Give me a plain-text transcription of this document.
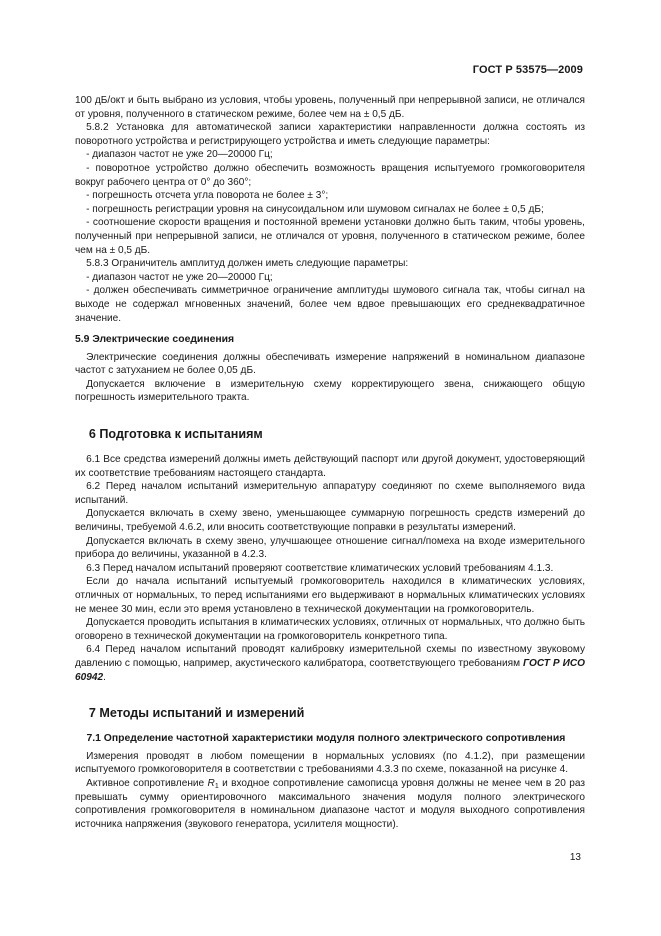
ГОСТ Р 53575—2009

100 дБ/окт и быть выбрано из условия, чтобы уровень, полученный при непрерывной записи, не отличался от уровня, полученного в статическом режиме, более чем на ± 0,5 дБ.

5.8.2 Установка для автоматической записи характеристики направленности должна состоять из поворотного устройства и регистрирующего устройства и иметь следующие параметры:

- диапазон частот не уже 20—20000 Гц;

- поворотное устройство должно обеспечить возможность вращения испытуемого громкоговорителя вокруг рабочего центра от 0° до 360°;

- погрешность отсчета угла поворота не более ± 3°;

- погрешность регистрации уровня на синусоидальном или шумовом сигналах не более ± 0,5 дБ;

- соотношение скорости вращения и постоянной времени установки должно быть таким, чтобы уровень, полученный при непрерывной записи, не отличался от уровня, полученного в статическом режиме, более чем на ± 0,5 дБ.

5.8.3 Ограничитель амплитуд должен иметь следующие параметры:

- диапазон частот не уже 20—20000 Гц;

- должен обеспечивать симметричное ограничение амплитуды шумового сигнала так, чтобы сигнал на выходе не содержал мгновенных значений, более чем вдвое превышающих его среднеквадратичное значение.

5.9 Электрические соединения

Электрические соединения должны обеспечивать измерение напряжений в номинальном диапазоне частот с затуханием не более 0,05 дБ.

Допускается включение в измерительную схему корректирующего звена, снижающего общую погрешность измерительного тракта.

6 Подготовка к испытаниям

6.1 Все средства измерений должны иметь действующий паспорт или другой документ, удостоверяющий их соответствие требованиям настоящего стандарта.

6.2 Перед началом испытаний измерительную аппаратуру соединяют по схеме выполняемого вида испытаний.

Допускается включать в схему звено, уменьшающее суммарную погрешность средств измерений до величины, требуемой 4.6.2, или вносить соответствующие поправки в результаты измерений.

Допускается включать в схему звено, улучшающее отношение сигнал/помеха на входе измерительного прибора до величины, указанной в 4.2.3.

6.3 Перед началом испытаний проверяют соответствие климатических условий требованиям 4.1.3.

Если до начала испытаний испытуемый громкоговоритель находился в климатических условиях, отличных от нормальных, то перед испытаниями его выдерживают в нормальных климатических условиях не менее 30 мин, если это время установлено в технической документации на громкоговоритель.

Допускается проводить испытания в климатических условиях, отличных от нормальных, что должно быть оговорено в технической документации на громкоговоритель конкретного типа.

6.4 Перед началом испытаний проводят калибровку измерительной схемы по известному звуковому давлению с помощью, например, акустического калибратора, соответствующего требованиям ГОСТ Р ИСО 60942.

7 Методы испытаний и измерений

7.1 Определение частотной характеристики модуля полного электрического сопротивления

Измерения проводят в любом помещении в нормальных условиях (по 4.1.2), при размещении испытуемого громкоговорителя в соответствии с требованиями 4.3.3 по схеме, показанной на рисунке 4.

Активное сопротивление $R_1$ и входное сопротивление самописца уровня должны не менее чем в 20 раз превышать сумму ориентировочного максимального значения модуля полного электрического сопротивления громкоговорителя в номинальном диапазоне частот и модуля выходного сопротивления источника напряжения (звукового генератора, усилителя мощности).

13
